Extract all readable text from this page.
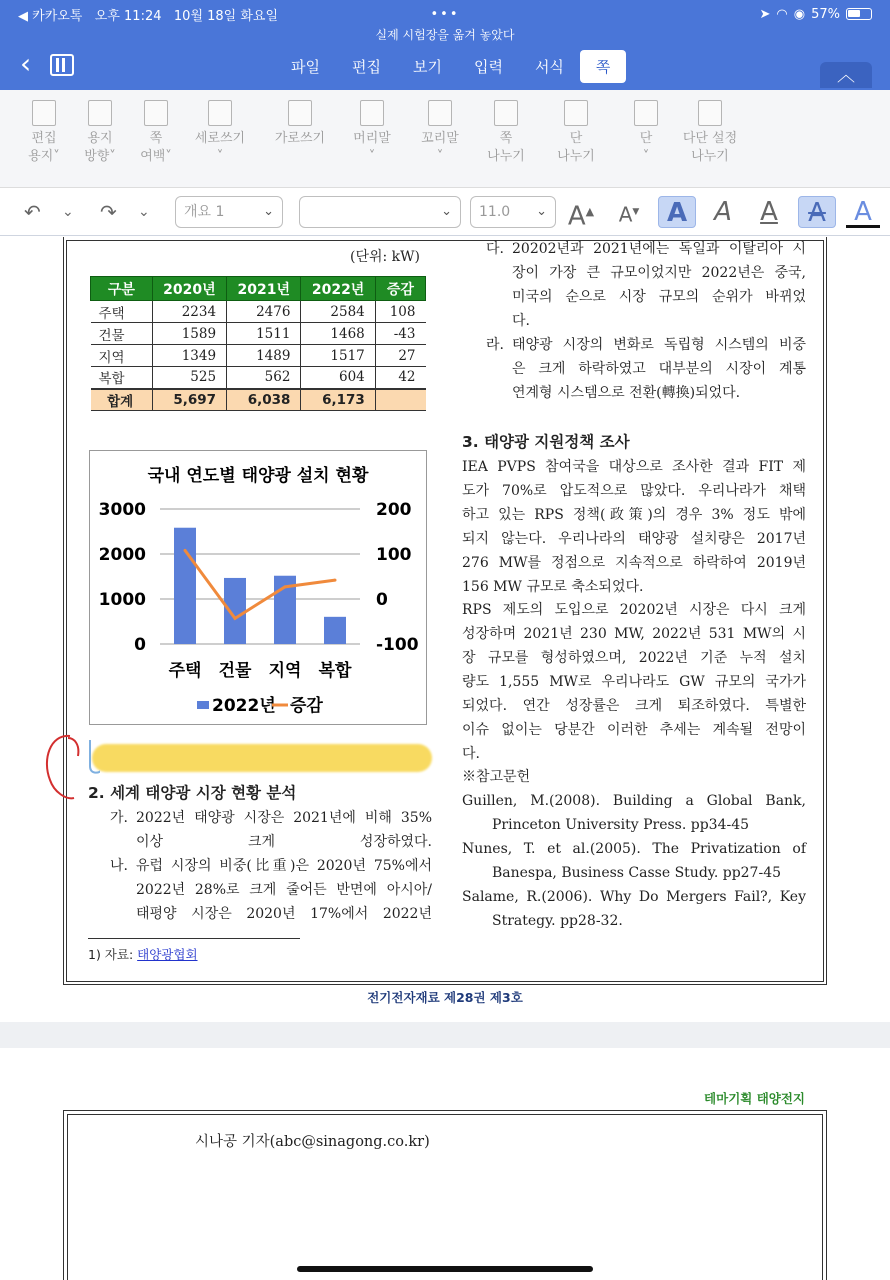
◀ 카카오톡 오후 11:24 10월 18일 화요일	•••	➤ ◠ ◉ 57%
실제 시험장을 옮겨 놓았다
‹	파일	편집	보기	입력	서식	쪽	︿
편집
용지˅
용지
방향˅
쪽
여백˅
세로쓰기
˅
가로쓰기 머리말
˅
꼬리말
˅
쪽
나누기
단
나누기
단
˅
다단 설정
나누기
↶ ⌄ ↷ ⌄	개요 1	⌄	⌄	11.0 ⌄ A▲	A▼	A	A	A	A	A
(단위: kW)
구분	2020년	2021년	2022년	증감
주택	2234	2476	2584	108
건물	1589	1511	1468	-43
지역	1349	1489	1517	27
복합	525	562	604	42
합계	5,697	6,038	6,173	
국내 연도별 태양광 설치 현황
3000
2000
1000
0
200
100
0
-100
주택 건물 지역 복합
2022년 증감
2. 세계 태양광 시장 현황 분석
가. 2022년 태양광 시장은 2021년에 비해 35%
이상 크게 성장하였다.
나. 유럽 시장의 비중(比重)은 2020년 75%에서
2022년 28%로 크게 줄어든 반면에 아시아/
태평양 시장은 2020년 17%에서 2022년
다. 20202년과 2021년에는 독일과 이탈리아 시
장이 가장 큰 규모이었지만 2022년은 중국,
미국의 순으로 시장 규모의 순위가 바뀌었
다.
라. 태양광 시장의 변화로 독립형 시스템의 비중
은 크게 하락하였고 대부분의 시장이 계통
연계형 시스템으로 전환(轉換)되었다.
3. 태양광 지원정책 조사
IEA PVPS 참여국을 대상으로 조사한 결과 FIT 제
도가 70%로 압도적으로 많았다. 우리나라가 채택
하고 있는 RPS 정책(政策)의 경우 3% 정도 밖에
되지 않는다. 우리나라의 태양광 설치량은 2017년
276 MW를 정점으로 지속적으로 하락하여 2019년
156 MW 규모로 축소되었다.
RPS 제도의 도입으로 20202년 시장은 다시 크게
성장하며 2021년 230 MW, 2022년 531 MW의 시
장 규모를 형성하였으며, 2022년 기준 누적 설치
량도 1,555 MW로 우리나라도 GW 규모의 국가가
되었다. 연간 성장률은 크게 퇴조하였다. 특별한
이슈 없이는 당분간 이러한 추세는 계속될 전망이
다.
※참고문헌
Guillen, M.(2008). Building a Global Bank,
Princeton University Press. pp34-45
Nunes, T. et al.(2005). The Privatization of
Banespa, Business Casse Study. pp27-45
Salame, R.(2006). Why Do Mergers Fail?, Key
Strategy. pp28-32.
1) 자료: 태양광협회
전기전자재료 제28권 제3호
테마기획 태양전지
시나공 기자(abc@sinagong.co.kr)
